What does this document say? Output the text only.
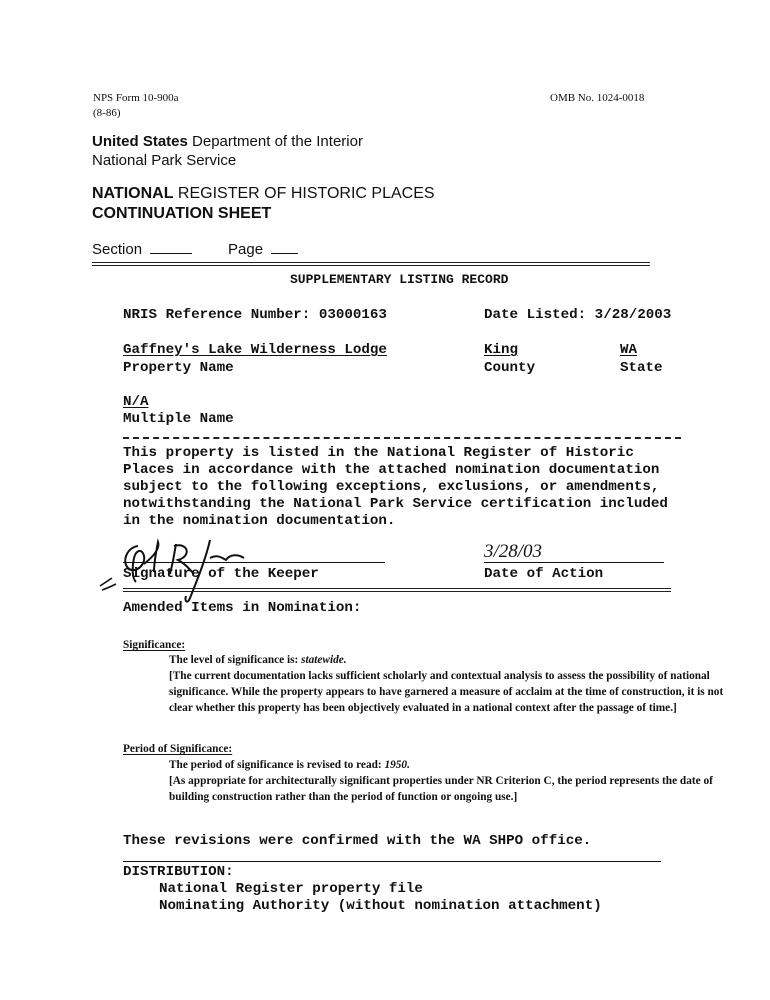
NPS Form 10-900a
(8-86)
OMB No. 1024-0018
United States Department of the Interior
National Park Service
NATIONAL REGISTER OF HISTORIC PLACES
CONTINUATION SHEET
Section	Page
SUPPLEMENTARY LISTING RECORD
NRIS Reference Number: 03000163	Date Listed: 3/28/2003
Gaffney's Lake Wilderness Lodge
Property Name
King
County
WA
State
N/A
Multiple Name
This property is listed in the National Register of Historic Places in accordance with the attached nomination documentation subject to the following exceptions, exclusions, or amendments, notwithstanding the National Park Service certification included in the nomination documentation.
Signature of the Keeper
3/28/03
Date of Action
Amended Items in Nomination:
Significance:
The level of significance is: statewide.
[The current documentation lacks sufficient scholarly and contextual analysis to assess the possibility of national significance. While the property appears to have garnered a measure of acclaim at the time of construction, it is not clear whether this property has been objectively evaluated in a national context after the passage of time.]
Period of Significance:
The period of significance is revised to read: 1950.
[As appropriate for architecturally significant properties under NR Criterion C, the period represents the date of building construction rather than the period of function or ongoing use.]
These revisions were confirmed with the WA SHPO office.
DISTRIBUTION:
National Register property file
Nominating Authority (without nomination attachment)
